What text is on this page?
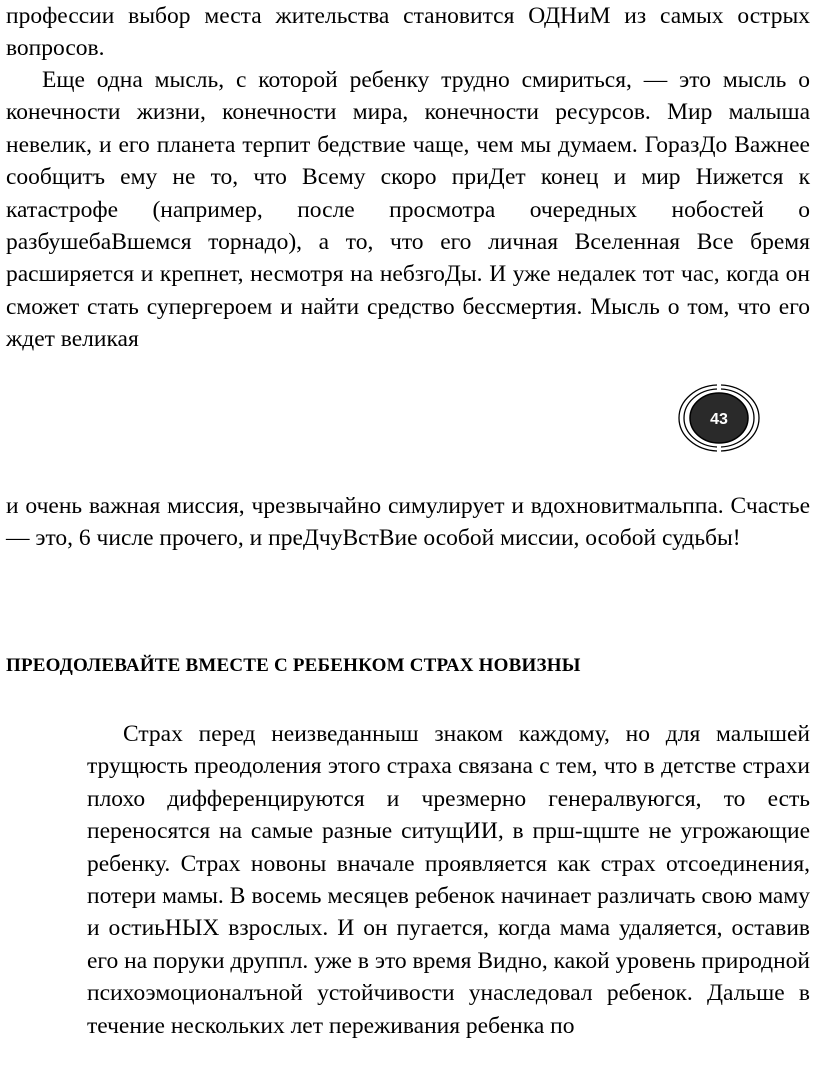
профессии выбор места жительства становится ОДНиМ из самых острых вопросов.

Еще одна мысль, с которой ребенку трудно смириться, — это мысль о конечности жизни, конечности мира, конечности ресурсов. Мир малыша невелик, и его планета терпит бедствие чаще, чем мы думаем. ГоразДо Важнее сообщитъ ему не то, что Всему скоро приДет конец и мир Нижется к катастрофе (например, после просмотра очередных нобостей о разбушебаВшемся торнадо), а то, что его личная Вселенная Все бремя расширяется и крепнет, несмотря на небзгоДы. И уже недалек тот час, когда он сможет стать супергероем и найти средство бессмертия. Мысль о том, что его ждет великая

43

и очень важная миссия, чрезвычайно симулирует и вдохновитмальппа. Счастье — это, 6 числе прочего, и преДчуВстВие особой миссии, особой судьбы!

ПРЕОДОЛЕВАЙТЕ ВМЕСТЕ С РЕБЕНКОМ СТРАХ НОВИЗНЫ

Страх перед неизведанныш знаком каждому, но для малышей трущюсть преодоления этого страха связана с тем, что в детстве страхи плохо дифференцируются и чрезмерно генералвуюгся, то есть переносятся на самые разные ситущИИ, в прш-щште не угрожающие ребенку. Страх новоны вначале проявляется как страх отсоединения, потери мамы. В восемь месяцев ребенок начинает различать свою маму и остиьНЫХ взрослых. И он пугается, когда мама удаляется, оставив его на поруки друппл. уже в это время Видно, какой уровень природной психоэмоционалъной устойчивости унаследовал ребенок. Дальше в течение нескольких лет переживания ребенка по
